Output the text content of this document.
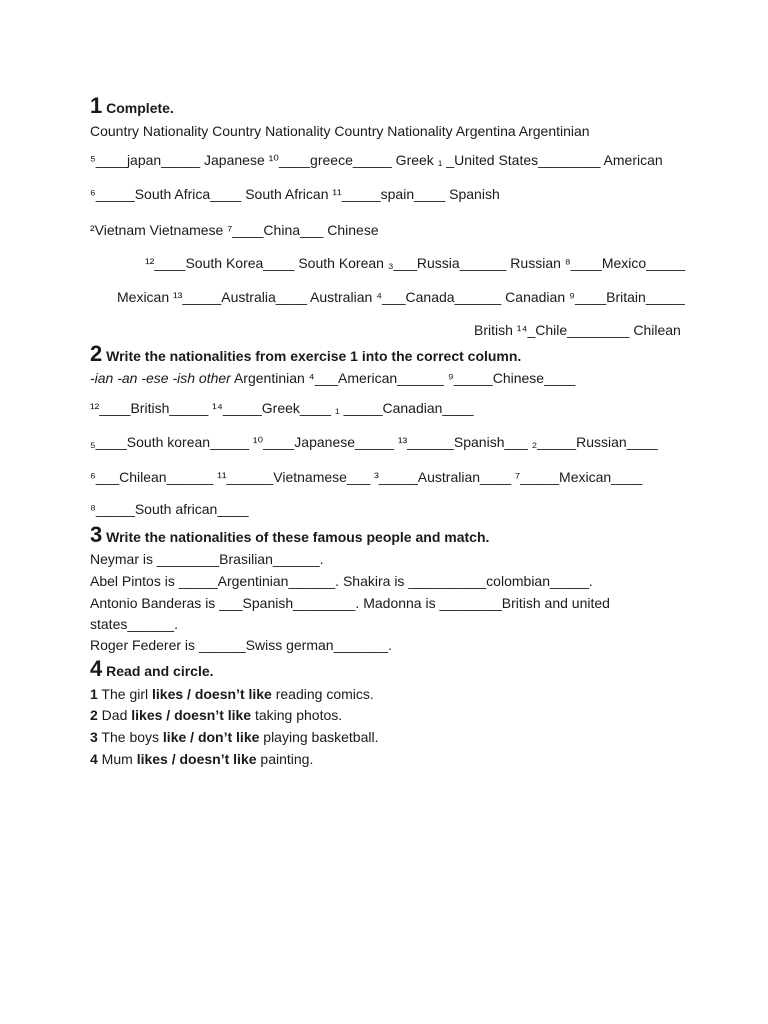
1 Complete.
Country Nationality Country Nationality Country Nationality Argentina Argentinian
⁵____japan_____ Japanese ¹⁰____greece_____ Greek ₁ _United States________ American
⁶_____South Africa____ South African ¹¹_____spain____ Spanish
²Vietnam Vietnamese ⁷____China___ Chinese
¹²____South Korea____ South Korean ₃___Russia______ Russian ⁸____Mexico_____
Mexican ¹³_____Australia____ Australian ⁴___Canada______ Canadian ⁹____Britain_____
British ¹⁴_Chile________ Chilean
2 Write the nationalities from exercise 1 into the correct column.
-ian -an -ese -ish other Argentinian ⁴___American______ ⁹_____Chinese____
¹²____British_____ ¹⁴_____Greek____ ₁ _____Canadian____
₅____South korean_____ ¹⁰____Japanese_____ ¹³______Spanish___ ₂_____Russian____
⁶___Chilean______ ¹¹______Vietnamese___ ³_____Australian____ ⁷_____Mexican____
⁸_____South african____
3 Write the nationalities of these famous people and match.
Neymar is ________Brasilian______.
Abel Pintos is _____Argentinian______. Shakira is __________colombian_____.
Antonio Banderas is ___Spanish________. Madonna is ________British and united
states______.
Roger Federer is ______Swiss german_______.
4 Read and circle.
1 The girl likes / doesn’t like reading comics.
2 Dad likes / doesn’t like taking photos.
3 The boys like / don’t like playing basketball.
4 Mum likes / doesn’t like painting.
